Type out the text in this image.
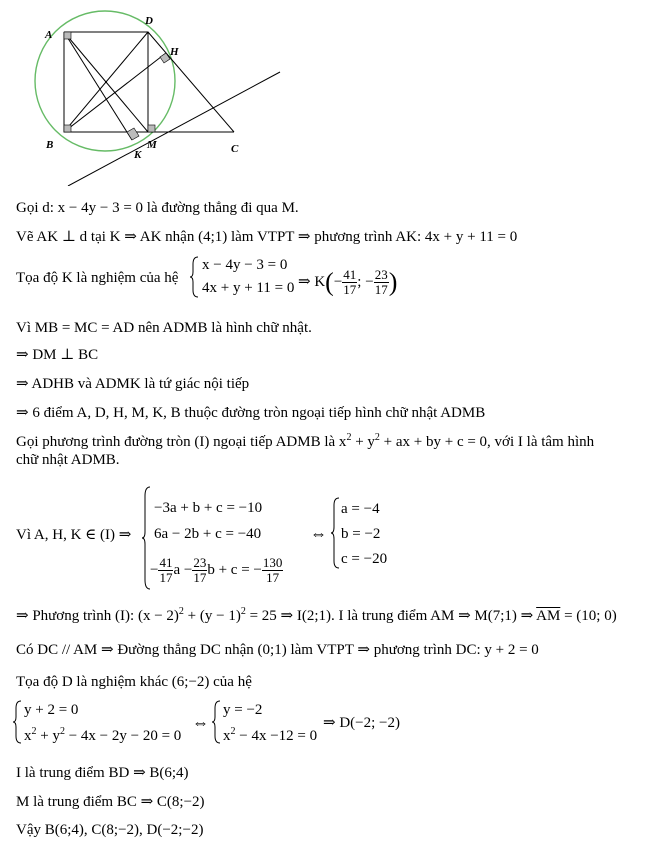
A
D
H
B
K
M	C
Gọi d: x − 4y − 3 = 0 là đường thẳng đi qua M.
Vẽ AK ⊥ d tại K ⇒ AK nhận (4;1) làm VTPT ⇒ phương trình AK: 4x + y + 11 = 0
Tọa độ K là nghiệm của hệ
x − 4y − 3 = 0
4x + y + 11 = 0 ⇒ $K(- \frac{41}{17}$ ; − $\frac{23}{17}$ )
Vì MB = MC = AD nên ADMB là hình chữ nhật.
⇒ DM ⊥ BC
⇒ ADHB và ADMK là tứ giác nội tiếp
⇒ 6 điểm A, D, H, M, K, B thuộc đường tròn ngoại tiếp hình chữ nhật ADMB
Gọi phương trình đường tròn (I) ngoại tiếp ADMB là $x^2 + y^2$ + ax + by + c = 0, với I là tâm hình
chữ nhật ADMB.
Vì A, H, K ∈ (I) ⇒
−3a + b + c = −10
6a − 2b + c = −40
− $\frac{41}{17}$ $a - \frac{23}{17}$ b + c = − $\frac{130}{17}$
⇔
a = −4
b = −2
c = −20
⇒ Phương trình (I): $(x - 2)^2 + (y - 1)^2 = 25$ ⇒ I(2;1). I là trung điểm AM ⇒ M(7;1) ⇒ $\overline{AM} = (10$; 0)
Có DC // AM ⇒ Đường thẳng DC nhận (0;1) làm VTPT ⇒ phương trình DC: y + 2 = 0
Tọa độ D là nghiệm khác (6;−2) của hệ
y + 2 = 0
$x^2 + y^2 - 4x - 2y - 20 = 0$
⇔
y = −2
$x^2 - 4x -12 = 0$
⇒ D(−2; −2)
I là trung điểm BD ⇒ B(6;4)
M là trung điểm BC ⇒ C(8;−2)
Vậy B(6;4), C(8;−2), D(−2;−2)
